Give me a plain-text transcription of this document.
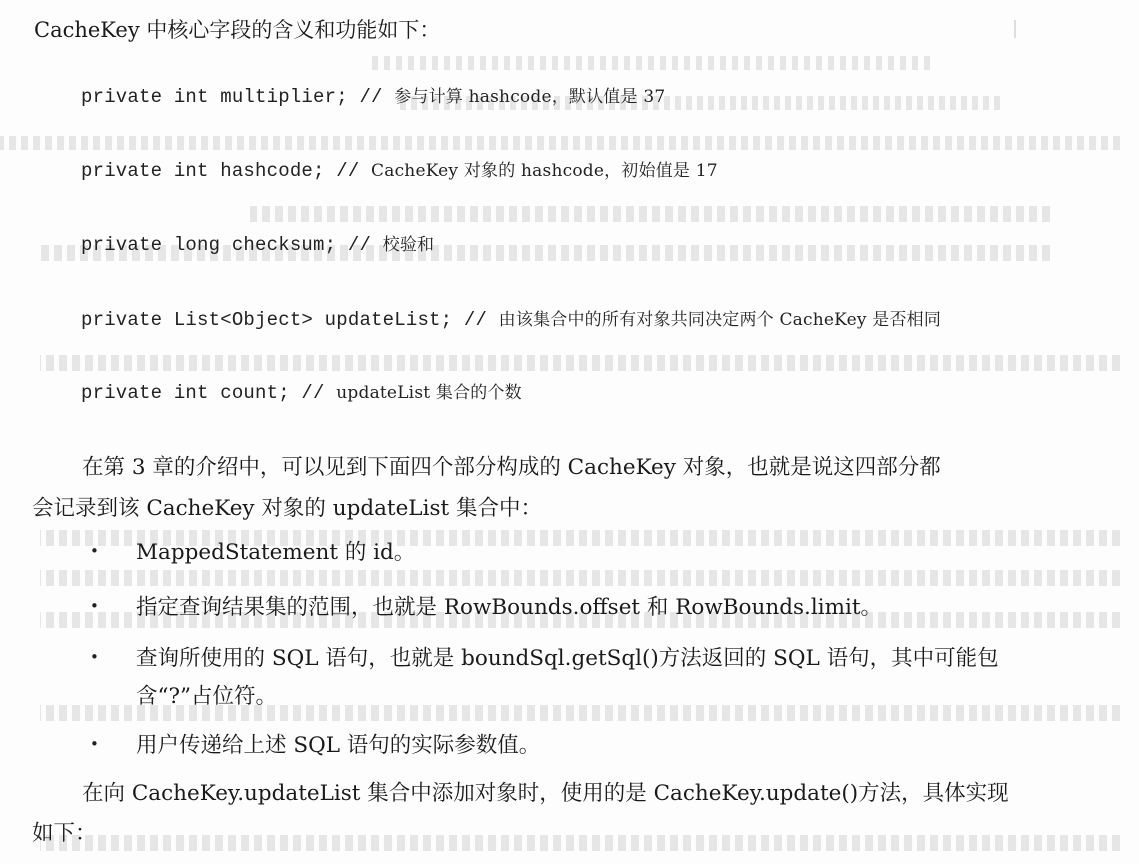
CacheKey 中核心字段的含义和功能如下：
private int multiplier; // 参与计算 hashcode，默认值是 37
private int hashcode; // CacheKey 对象的 hashcode，初始值是 17
private long checksum; // 校验和
private List<Object> updateList; // 由该集合中的所有对象共同决定两个 CacheKey 是否相同
private int count; // updateList 集合的个数
在第 3 章的介绍中，可以见到下面四个部分构成的 CacheKey 对象，也就是说这四部分都
会记录到该 CacheKey 对象的 updateList 集合中：
• MappedStatement 的 id。
• 指定查询结果集的范围，也就是 RowBounds.offset 和 RowBounds.limit。
• 查询所使用的 SQL 语句，也就是 boundSql.getSql()方法返回的 SQL 语句，其中可能包
含“?”占位符。
• 用户传递给上述 SQL 语句的实际参数值。
在向 CacheKey.updateList 集合中添加对象时，使用的是 CacheKey.update()方法，具体实现
如下：
